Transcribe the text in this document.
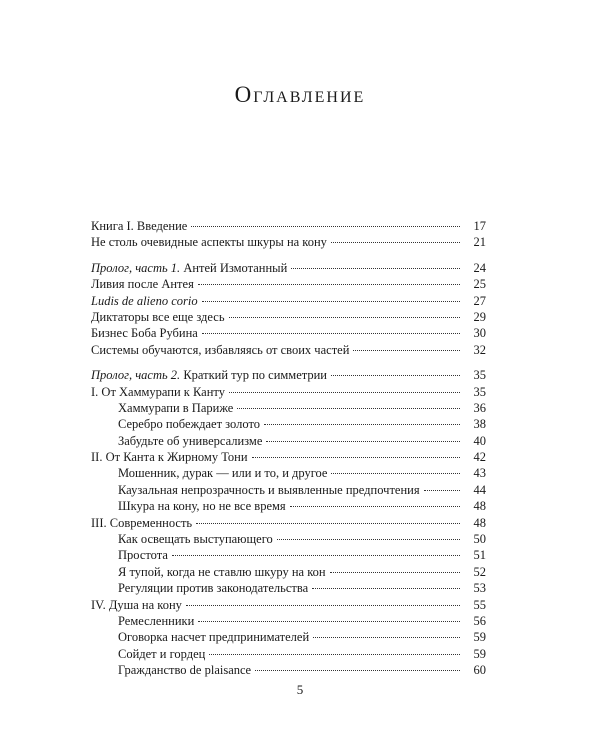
Оглавление
Книга I. Введение	17
Не столь очевидные аспекты шкуры на кону	21
Пролог, часть 1. Антей Измотанный	24
Ливия после Антея	25
Ludis de alieno corio	27
Диктаторы все еще здесь	29
Бизнес Боба Рубина	30
Системы обучаются, избавляясь от своих частей	32
Пролог, часть 2. Краткий тур по симметрии	35
I. От Хаммурапи к Канту	35
Хаммурапи в Париже	36
Серебро побеждает золото	38
Забудьте об универсализме	40
II. От Канта к Жирному Тони	42
Мошенник, дурак — или и то, и другое	43
Каузальная непрозрачность и выявленные предпочтения	44
Шкура на кону, но не все время	48
III. Современность	48
Как освещать выступающего	50
Простота	51
Я тупой, когда не ставлю шкуру на кон	52
Регуляции против законодательства	53
IV. Душа на кону	55
Ремесленники	56
Оговорка насчет предпринимателей	59
Сойдет и гордец	59
Гражданство de plaisance	60
5
